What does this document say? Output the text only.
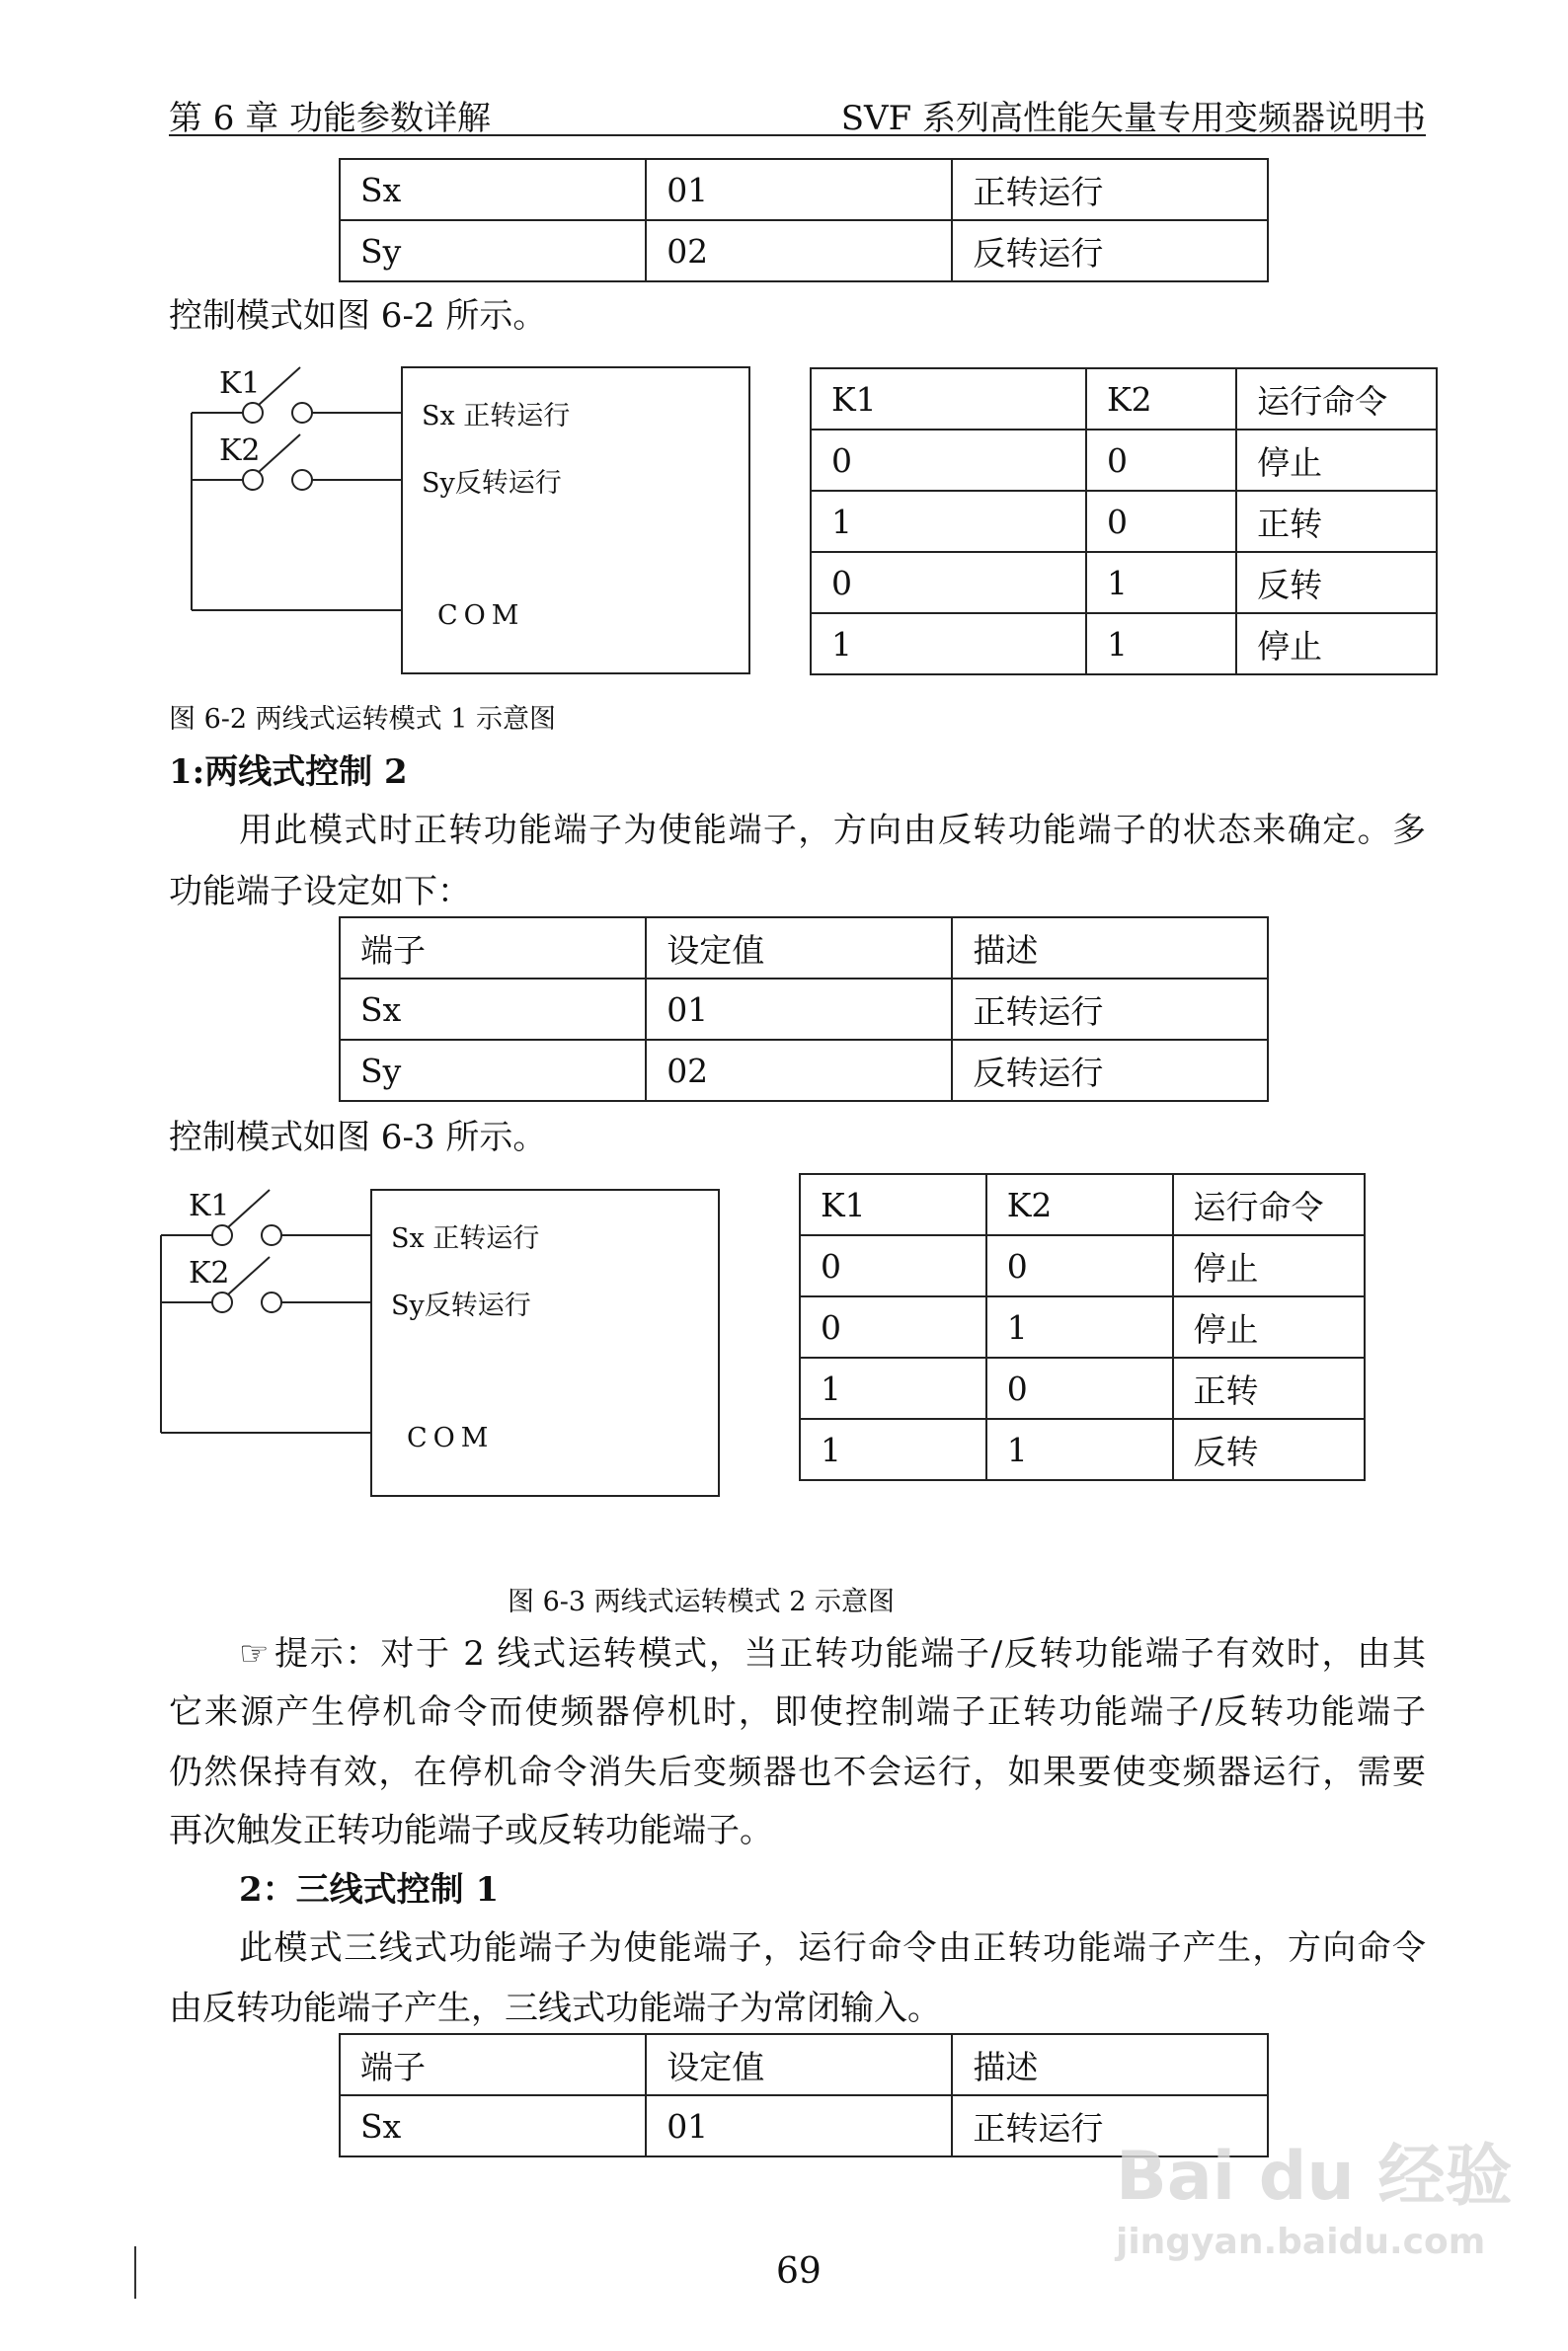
第 6 章 功能参数详解	SVF 系列高性能矢量专用变频器说明书
Sx	01	正转运行
Sy	02	反转运行
控制模式如图 6-2 所示。
K1
K2
Sx 正转运行
Sy反转运行
COM
K1	K2	运行命令
0	0	停止
1	0	正转
0	1	反转
1	1	停止
图 6-2 两线式运转模式 1 示意图
1:两线式控制 2
用此模式时正转功能端子为使能端子，方向由反转功能端子的状态来确定。多
功能端子设定如下：
端子	设定值	描述
Sx	01	正转运行
Sy	02	反转运行
控制模式如图 6-3 所示。
K1
K2
Sx 正转运行
Sy反转运行
COM
K1	K2	运行命令
0	0	停止
0	1	停止
1	0	正转
1	1	反转
图 6-3 两线式运转模式 2 示意图
☞ 提示：对于 2 线式运转模式，当正转功能端子/反转功能端子有效时，由其
它来源产生停机命令而使频器停机时，即使控制端子正转功能端子/反转功能端子
仍然保持有效，在停机命令消失后变频器也不会运行，如果要使变频器运行，需要
再次触发正转功能端子或反转功能端子。
2：三线式控制 1
此模式三线式功能端子为使能端子，运行命令由正转功能端子产生，方向命令
由反转功能端子产生，三线式功能端子为常闭输入。
端子	设定值	描述
Sx	01	正转运行
69
Bai du 经验
jingyan.baidu.com
